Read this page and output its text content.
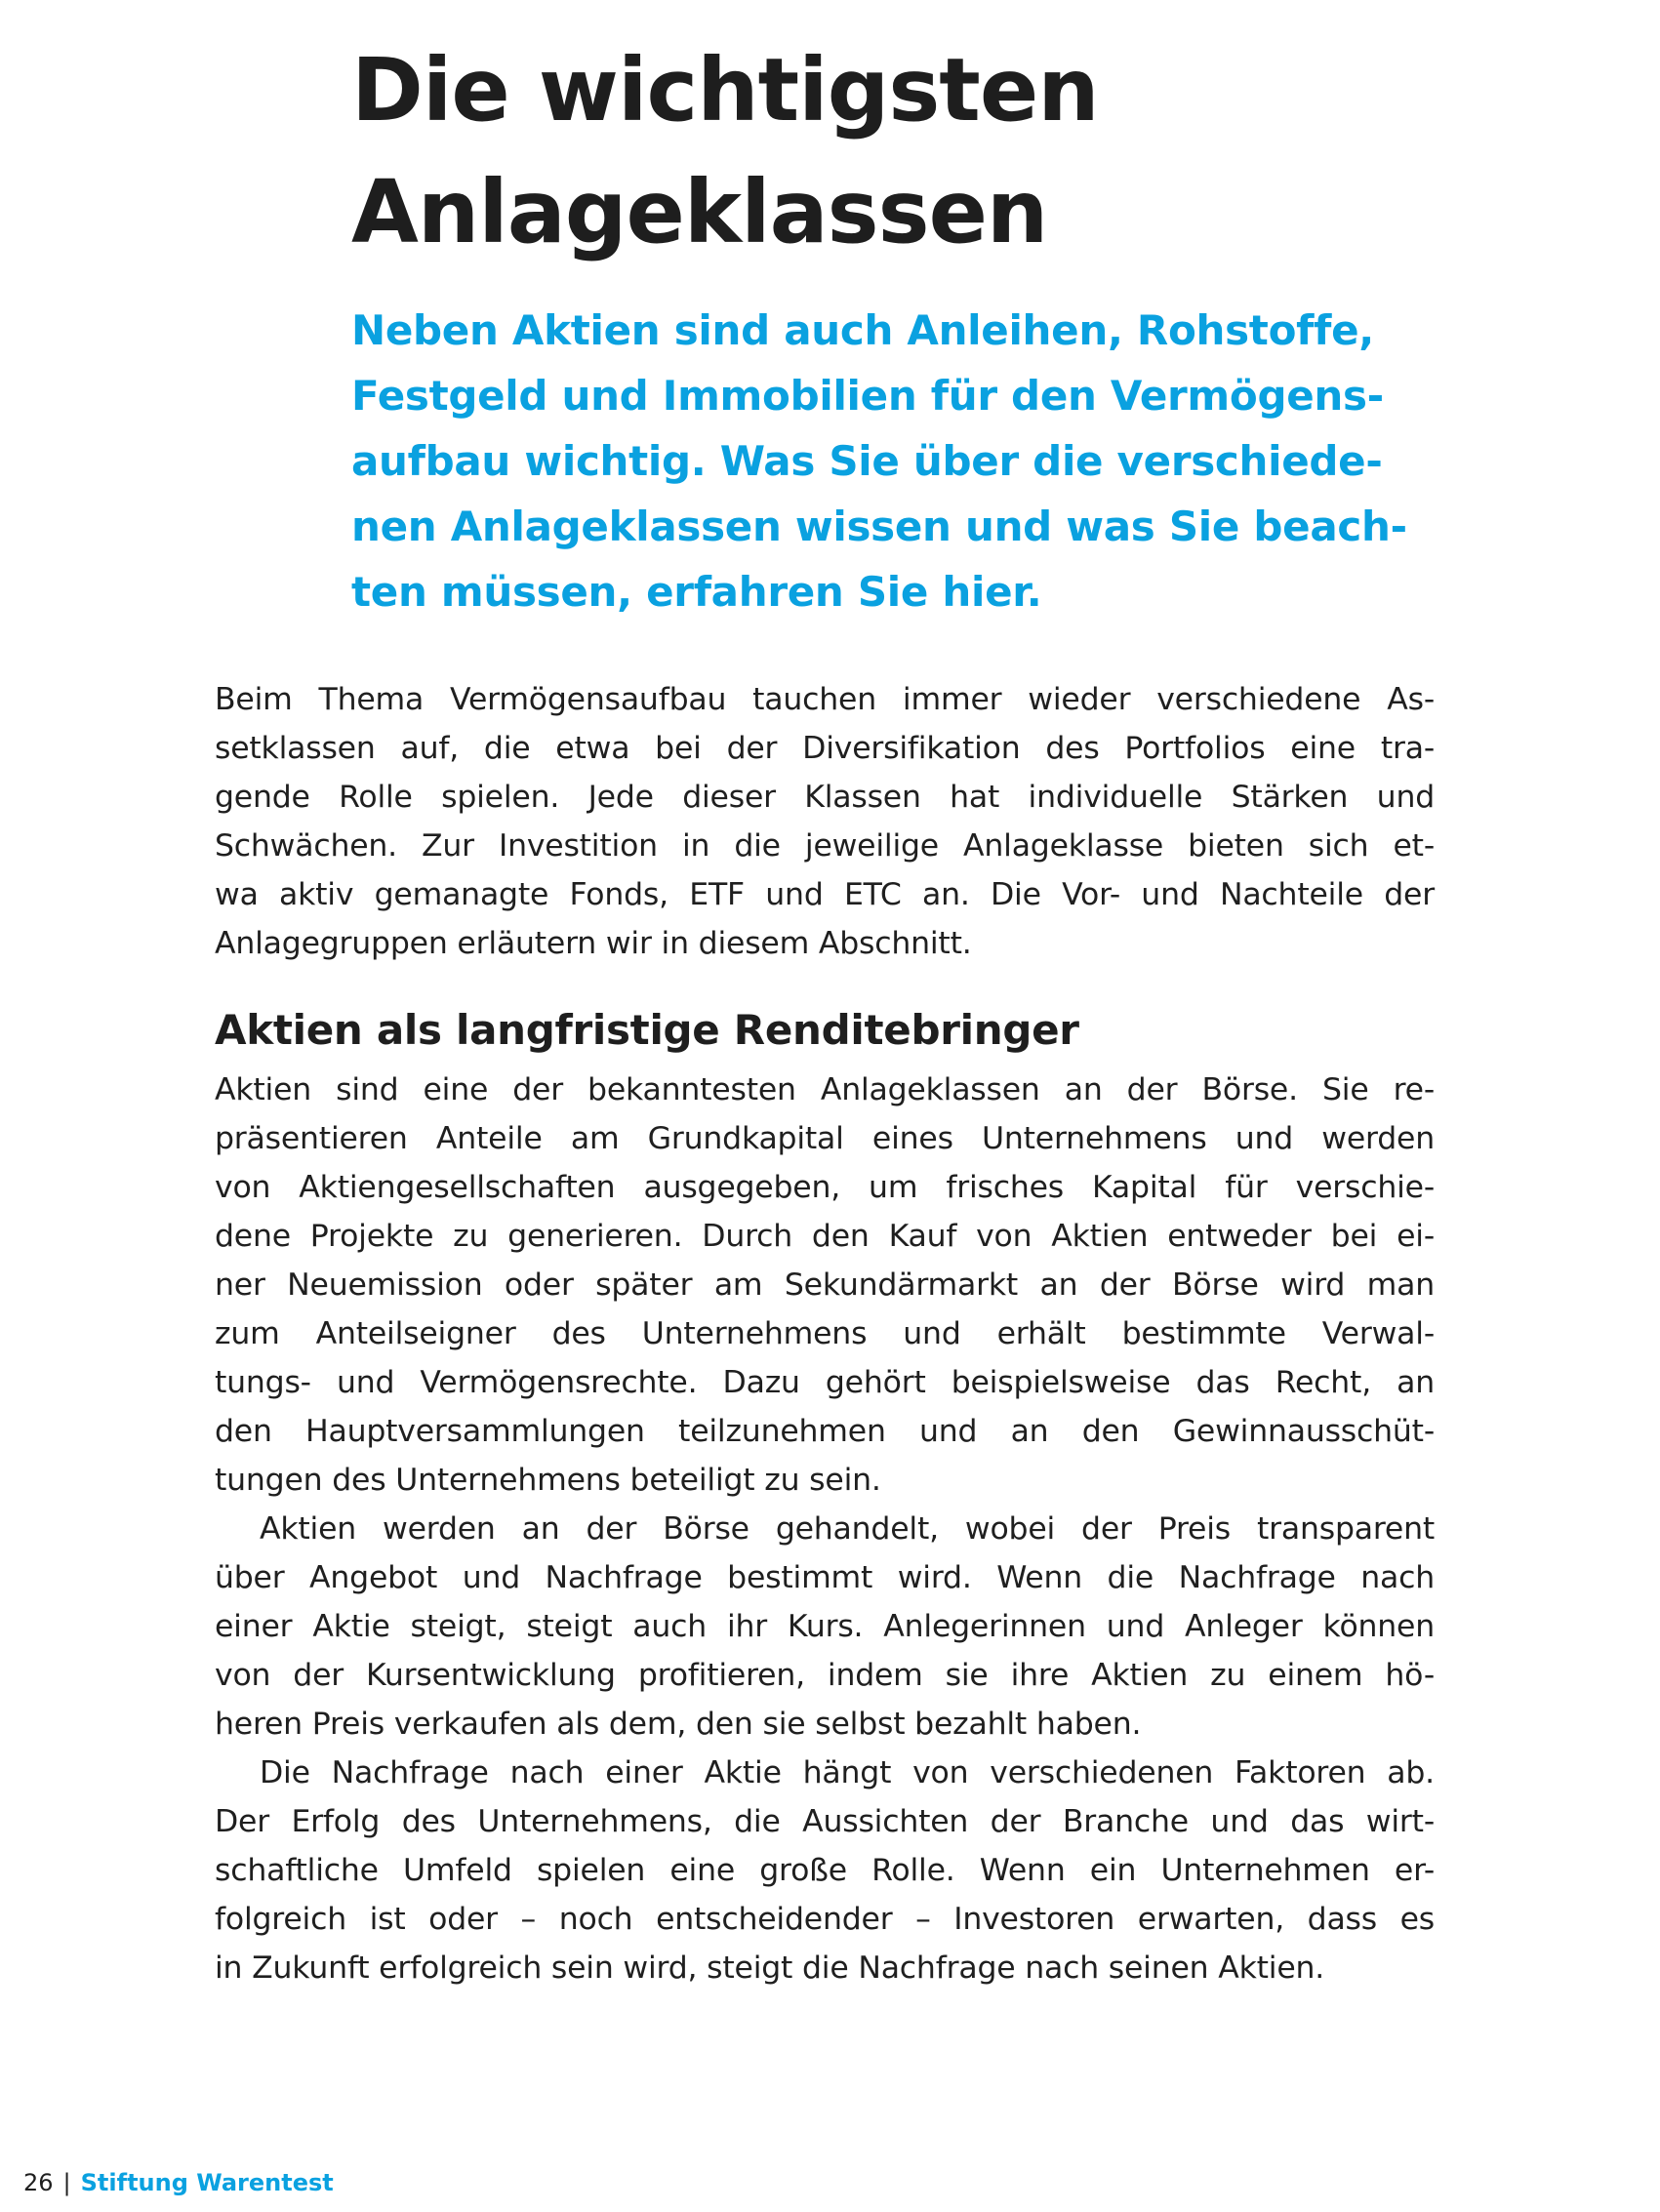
Die wichtigsten
Anlageklassen

Neben Aktien sind auch Anleihen, Rohstoffe,
Festgeld und Immobilien für den Vermögens-
aufbau wichtig. Was Sie über die verschiede-
nen Anlageklassen wissen und was Sie beach-
ten müssen, erfahren Sie hier.

Beim Thema Vermögensaufbau tauchen immer wieder verschiedene As-
setklassen auf, die etwa bei der Diversifikation des Portfolios eine tra-
gende Rolle spielen. Jede dieser Klassen hat individuelle Stärken und
Schwächen. Zur Investition in die jeweilige Anlageklasse bieten sich et-
wa aktiv gemanagte Fonds, ETF und ETC an. Die Vor- und Nachteile der
Anlagegruppen erläutern wir in diesem Abschnitt.
Aktien als langfristige Renditebringer
Aktien sind eine der bekanntesten Anlageklassen an der Börse. Sie re-
präsentieren Anteile am Grundkapital eines Unternehmens und werden
von Aktiengesellschaften ausgegeben, um frisches Kapital für verschie-
dene Projekte zu generieren. Durch den Kauf von Aktien entweder bei ei-
ner Neuemission oder später am Sekundärmarkt an der Börse wird man
zum Anteilseigner des Unternehmens und erhält bestimmte Verwal-
tungs- und Vermögensrechte. Dazu gehört beispielsweise das Recht, an
den Hauptversammlungen teilzunehmen und an den Gewinnausschüt-
tungen des Unternehmens beteiligt zu sein.
Aktien werden an der Börse gehandelt, wobei der Preis transparent
über Angebot und Nachfrage bestimmt wird. Wenn die Nachfrage nach
einer Aktie steigt, steigt auch ihr Kurs. Anlegerinnen und Anleger können
von der Kursentwicklung profitieren, indem sie ihre Aktien zu einem hö-
heren Preis verkaufen als dem, den sie selbst bezahlt haben.
Die Nachfrage nach einer Aktie hängt von verschiedenen Faktoren ab.
Der Erfolg des Unternehmens, die Aussichten der Branche und das wirt-
schaftliche Umfeld spielen eine große Rolle. Wenn ein Unternehmen er-
folgreich ist oder – noch entscheidender – Investoren erwarten, dass es
in Zukunft erfolgreich sein wird, steigt die Nachfrage nach seinen Aktien.
26 | Stiftung Warentest
